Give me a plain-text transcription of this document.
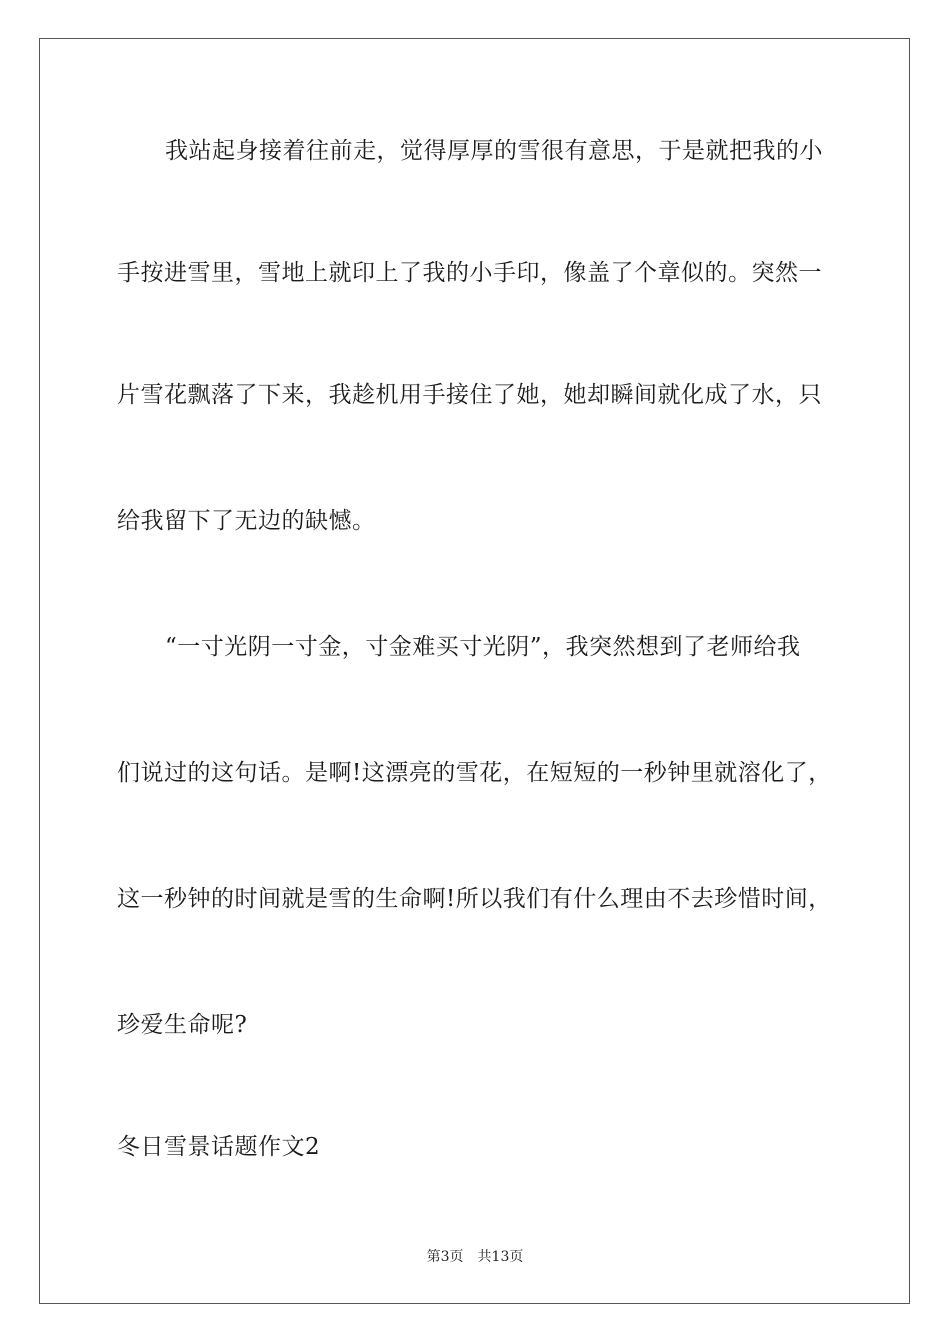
我站起身接着往前走，觉得厚厚的雪很有意思，于是就把我的小
手按进雪里，雪地上就印上了我的小手印，像盖了个章似的。突然一
片雪花飘落了下来，我趁机用手接住了她，她却瞬间就化成了水，只
给我留下了无边的缺憾。
“一寸光阴一寸金，寸金难买寸光阴”，我突然想到了老师给我
们说过的这句话。是啊!这漂亮的雪花，在短短的一秒钟里就溶化了，
这一秒钟的时间就是雪的生命啊!所以我们有什么理由不去珍惜时间，
珍爱生命呢?
冬日雪景话题作文2
第3页 共13页
